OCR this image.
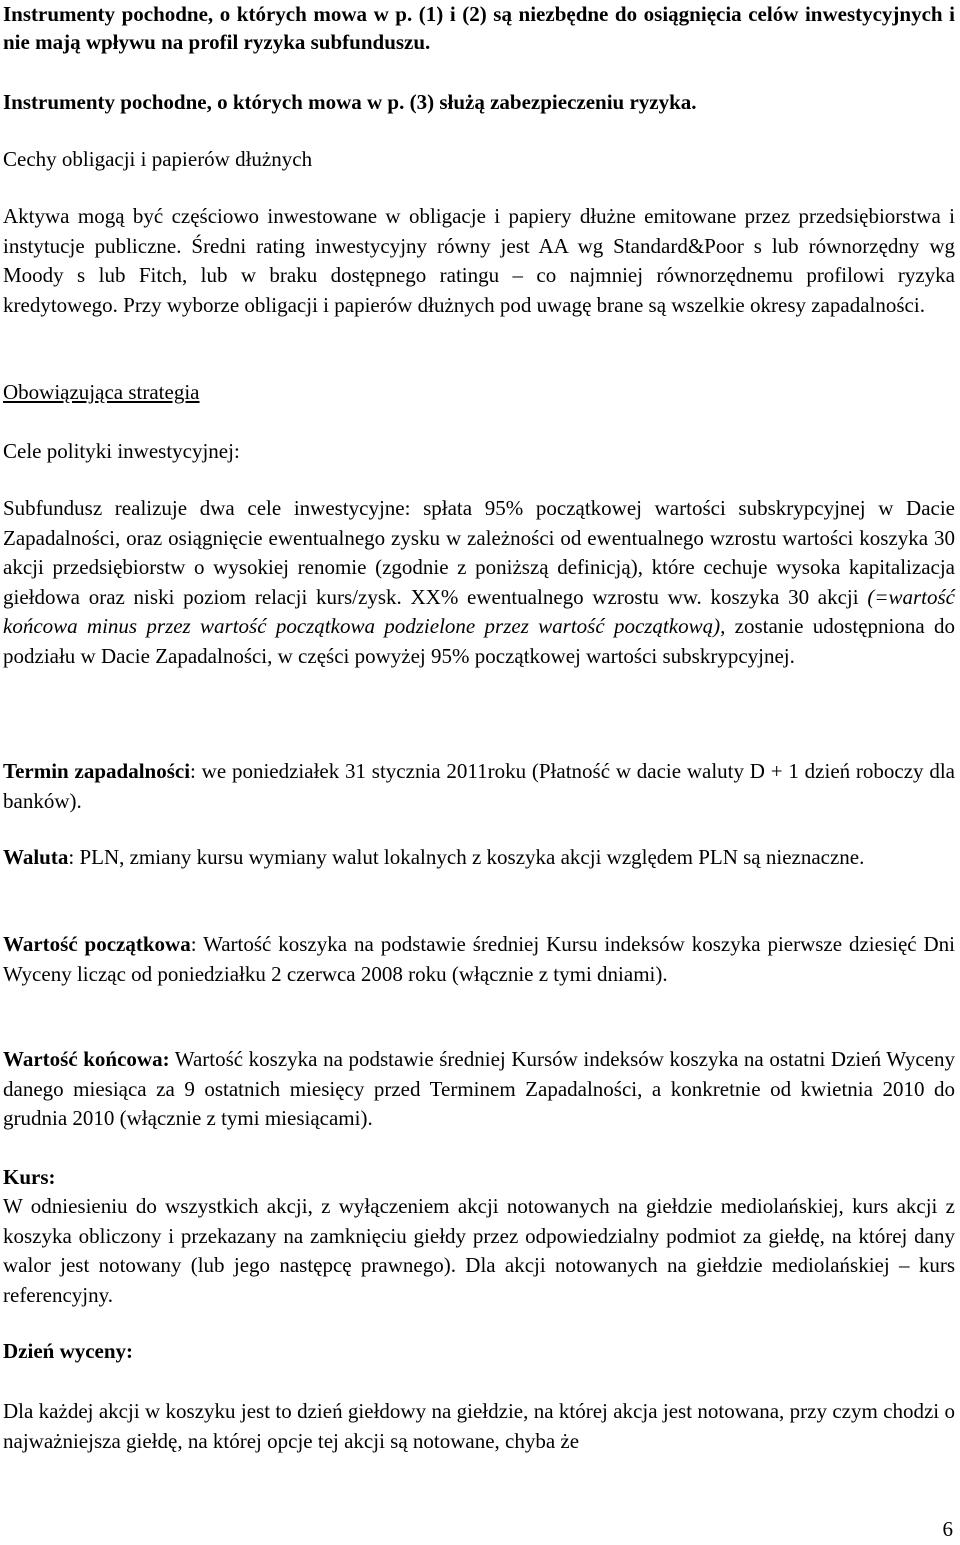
Instrumenty pochodne, o których mowa w p. (1) i (2) są niezbędne do osiągnięcia celów inwestycyjnych i nie mają wpływu na profil ryzyka subfunduszu.

Instrumenty pochodne, o których mowa w p. (3) służą zabezpieczeniu ryzyka.

Cechy obligacji i papierów dłużnych

Aktywa mogą być częściowo inwestowane w obligacje i papiery dłużne emitowane przez przedsiębiorstwa i instytucje publiczne. Średni rating inwestycyjny równy jest AA wg Standard&Poor s lub równorzędny wg Moody s lub Fitch, lub w braku dostępnego ratingu – co najmniej równorzędnemu profilowi ryzyka kredytowego. Przy wyborze obligacji i papierów dłużnych pod uwagę brane są wszelkie okresy zapadalności.

Obowiązująca strategia

Cele polityki inwestycyjnej:

Subfundusz realizuje dwa cele inwestycyjne: spłata 95% początkowej wartości subskrypcyjnej w Dacie Zapadalności, oraz osiągnięcie ewentualnego zysku w zależności od ewentualnego wzrostu wartości koszyka 30 akcji przedsiębiorstw o wysokiej renomie (zgodnie z poniższą definicją), które cechuje wysoka kapitalizacja giełdowa oraz niski poziom relacji kurs/zysk. XX% ewentualnego wzrostu ww. koszyka 30 akcji (=wartość końcowa minus przez wartość początkowa podzielone przez wartość początkową), zostanie udostępniona do podziału w Dacie Zapadalności, w części powyżej 95% początkowej wartości subskrypcyjnej.

Termin zapadalności: we poniedziałek 31 stycznia 2011roku (Płatność w dacie waluty D + 1 dzień roboczy dla banków).

Waluta: PLN, zmiany kursu wymiany walut lokalnych z koszyka akcji względem PLN są nieznaczne.

Wartość początkowa: Wartość koszyka na podstawie średniej Kursu indeksów koszyka pierwsze dziesięć Dni Wyceny licząc od poniedziałku 2 czerwca 2008 roku (włącznie z tymi dniami).

Wartość końcowa: Wartość koszyka na podstawie średniej Kursów indeksów koszyka na ostatni Dzień Wyceny danego miesiąca za 9 ostatnich miesięcy przed Terminem Zapadalności, a konkretnie od kwietnia 2010 do grudnia 2010 (włącznie z tymi miesiącami).

Kurs:

W odniesieniu do wszystkich akcji, z wyłączeniem akcji notowanych na giełdzie mediolańskiej, kurs akcji z koszyka obliczony i przekazany na zamknięciu giełdy przez odpowiedzialny podmiot za giełdę, na której dany walor jest notowany (lub jego następcę prawnego). Dla akcji notowanych na giełdzie mediolańskiej – kurs referencyjny.

Dzień wyceny:

Dla każdej akcji w koszyku jest to dzień giełdowy na giełdzie, na której akcja jest notowana, przy czym chodzi o najważniejsza giełdę, na której opcje tej akcji są notowane, chyba że

6
